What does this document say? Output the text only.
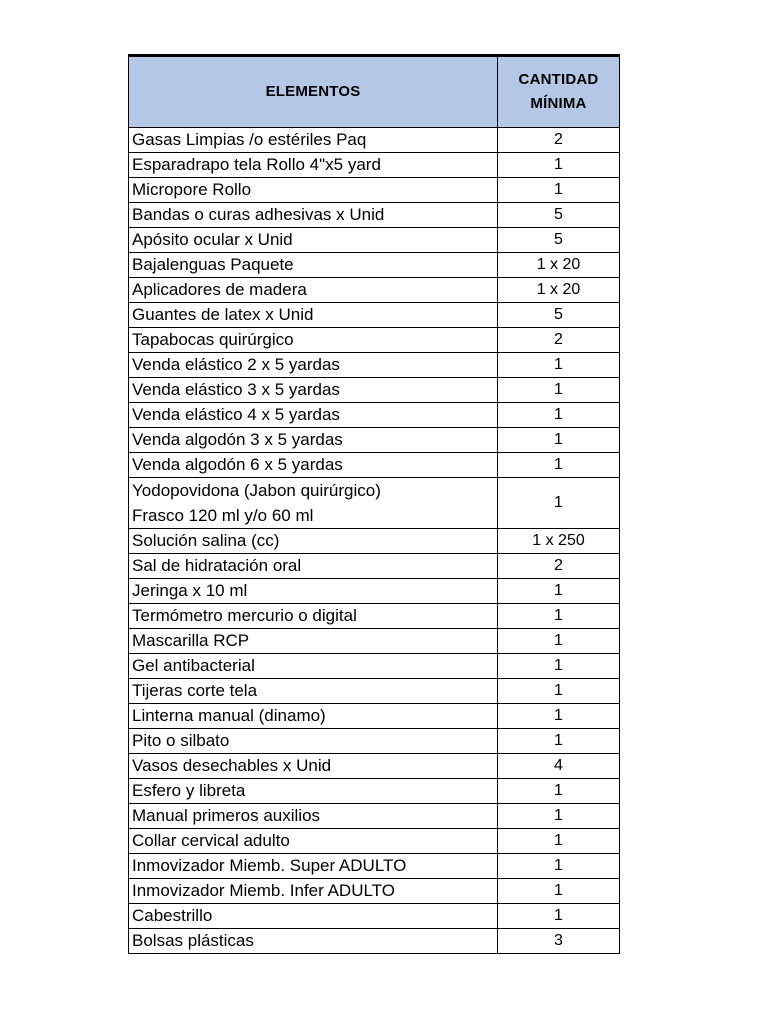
ELEMENTOS	CANTIDAD
MÍNIMA

Gasas Limpias /o estériles Paq	2
Esparadrapo tela Rollo 4"x5 yard	1
Micropore Rollo	1
Bandas o curas adhesivas x Unid	5
Apósito ocular x Unid	5
Bajalenguas Paquete	1 x 20
Aplicadores de madera	1 x 20
Guantes de latex x Unid	5
Tapabocas quirúrgico	2
Venda elástico 2 x 5 yardas	1
Venda elástico 3 x 5 yardas	1
Venda elástico 4 x 5 yardas	1
Venda algodón 3 x 5 yardas	1
Venda algodón 6 x 5 yardas	1
Yodopovidona (Jabon quirúrgico)
Frasco 120 ml y/o 60 ml	1
Solución salina (cc)	1 x 250
Sal de hidratación oral	2
Jeringa x 10 ml	1
Termómetro mercurio o digital	1
Mascarilla RCP	1
Gel antibacterial	1
Tijeras corte tela	1
Linterna manual (dinamo)	1
Pito o silbato	1
Vasos desechables x Unid	4
Esfero y libreta	1
Manual primeros auxilios	1
Collar cervical adulto	1
Inmovizador Miemb. Super ADULTO	1
Inmovizador Miemb. Infer ADULTO	1
Cabestrillo	1
Bolsas plásticas	3
